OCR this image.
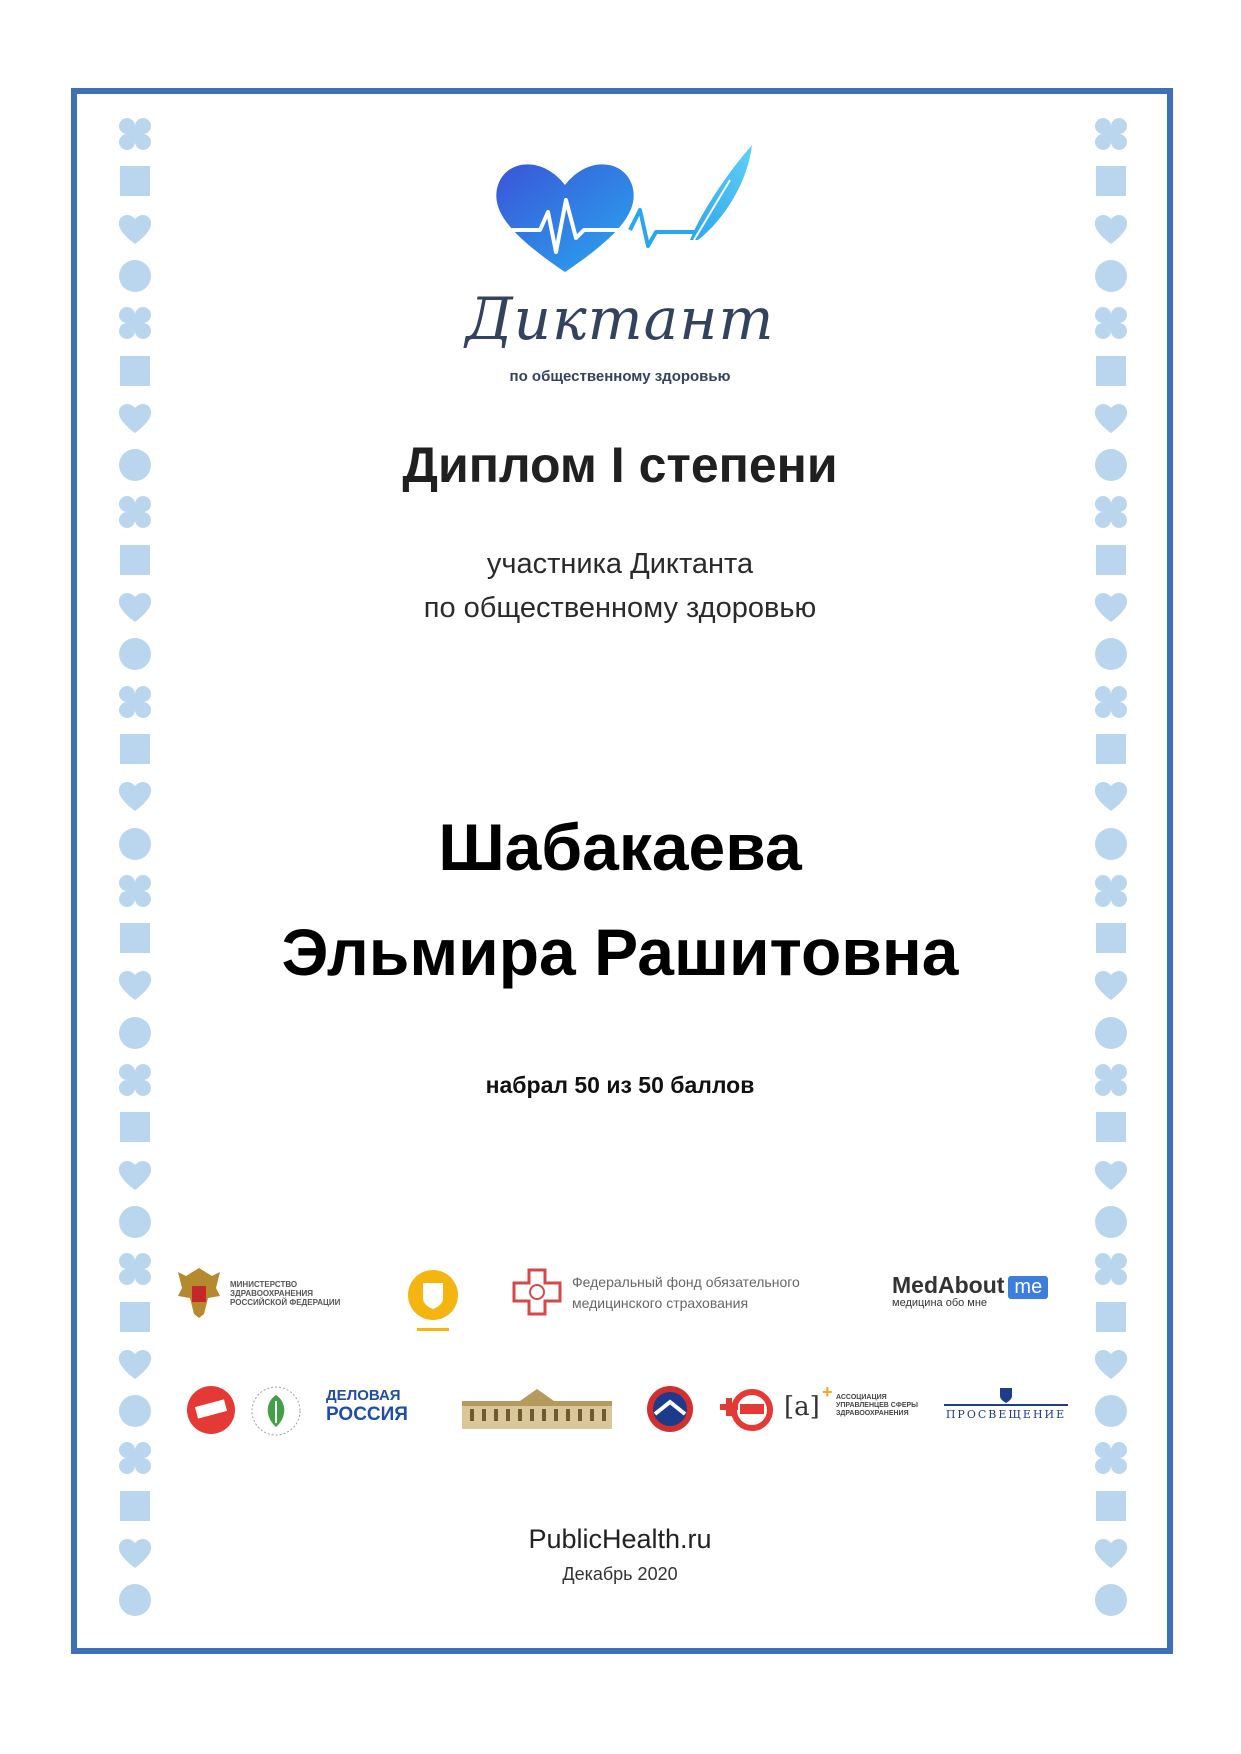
Диктант
по общественному здоровью
Диплом I степени
участника Диктанта
по общественному здоровью
Шабакаева
Эльмира Рашитовна
набрал 50 из 50 баллов
МИНИСТЕРСТВО
ЗДРАВООХРАНЕНИЯ
РОССИЙСКОЙ ФЕДЕРАЦИИ
Федеральный фонд обязательного
медицинского страхования
MedAbout me
медицина обо мне
ДЕЛОВАЯ
РОССИЯ	[a] + АССОЦИАЦИЯ
УПРАВЛЕНЦЕВ СФЕРЫ
ЗДРАВООХРАНЕНИЯ	ПРОСВЕЩЕНИЕ
PublicHealth.ru
Декабрь 2020
